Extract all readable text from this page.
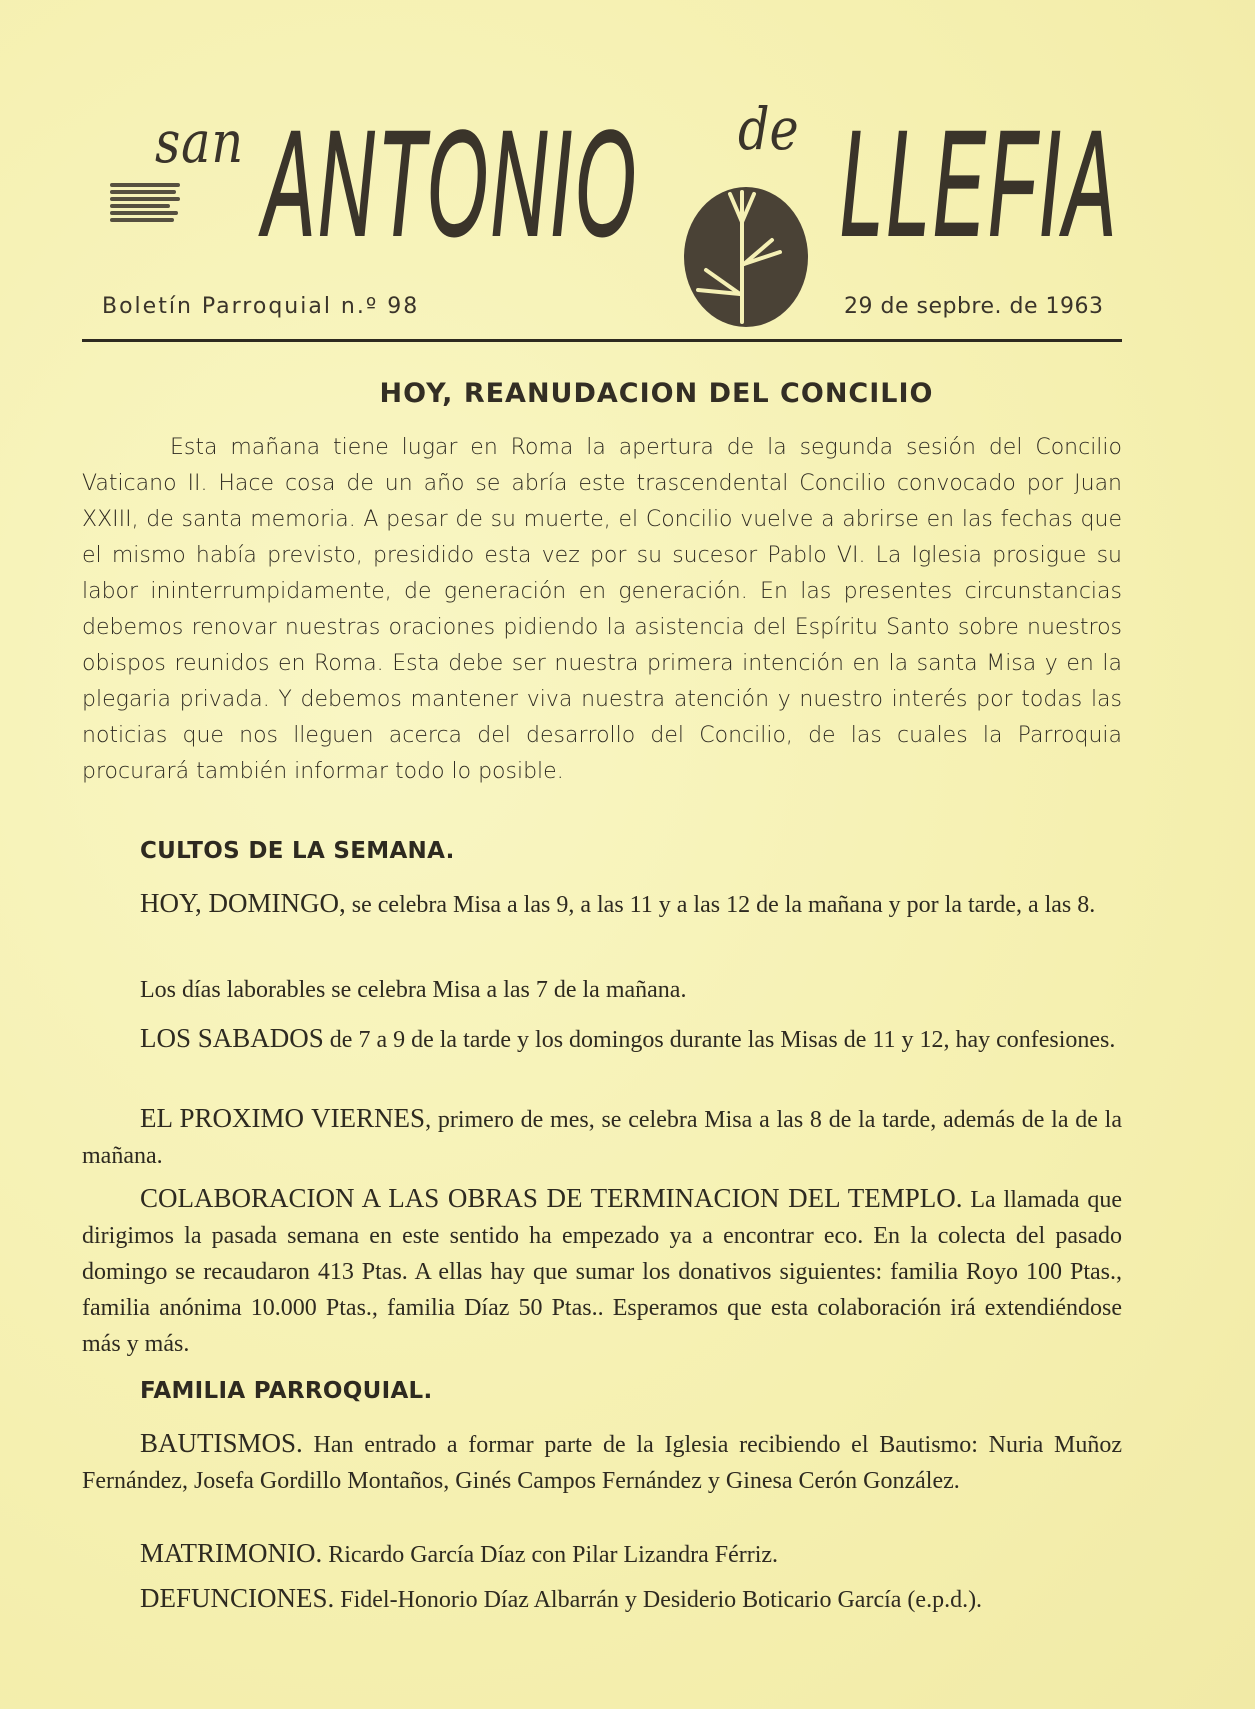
san ANTONIO de LLEFIA
Boletín Parroquial n.º 98	29 de sepbre. de 1963
HOY, REANUDACION DEL CONCILIO
Esta mañana tiene lugar en Roma la apertura de la segunda sesión del Concilio Vaticano II. Hace cosa de un año se abría este trascendental Concilio convocado por Juan XXIII, de santa memoria. A pesar de su muerte, el Concilio vuelve a abrirse en las fechas que el mismo había previsto, presidido esta vez por su sucesor Pablo VI. La Iglesia prosigue su labor ininterrumpidamente, de generación en generación. En las presentes circunstancias debemos renovar nuestras oraciones pidiendo la asistencia del Espíritu Santo sobre nuestros obispos reunidos en Roma. Esta debe ser nuestra primera intención en la santa Misa y en la plegaria privada. Y debemos mantener viva nuestra atención y nuestro interés por todas las noticias que nos lleguen acerca del desarrollo del Concilio, de las cuales la Parroquia procurará también informar todo lo posible.
CULTOS DE LA SEMANA.
HOY, DOMINGO, se celebra Misa a las 9, a las 11 y a las 12 de la mañana y por la tarde, a las 8.
Los días laborables se celebra Misa a las 7 de la mañana.
LOS SABADOS de 7 a 9 de la tarde y los domingos durante las Misas de 11 y 12, hay confesiones.
EL PROXIMO VIERNES, primero de mes, se celebra Misa a las 8 de la tarde, además de la de la mañana.
COLABORACION A LAS OBRAS DE TERMINACION DEL TEMPLO. La llamada que dirigimos la pasada semana en este sentido ha empezado ya a encontrar eco. En la colecta del pasado domingo se recaudaron 413 Ptas. A ellas hay que sumar los donativos siguientes: familia Royo 100 Ptas., familia anónima 10.000 Ptas., familia Díaz 50 Ptas.. Esperamos que esta colaboración irá extendiéndose más y más.
FAMILIA PARROQUIAL.
BAUTISMOS. Han entrado a formar parte de la Iglesia recibiendo el Bautismo: Nuria Muñoz Fernández, Josefa Gordillo Montaños, Ginés Campos Fernández y Ginesa Cerón González.
MATRIMONIO. Ricardo García Díaz con Pilar Lizandra Férriz.
DEFUNCIONES. Fidel-Honorio Díaz Albarrán y Desiderio Boticario García (e.p.d.).
